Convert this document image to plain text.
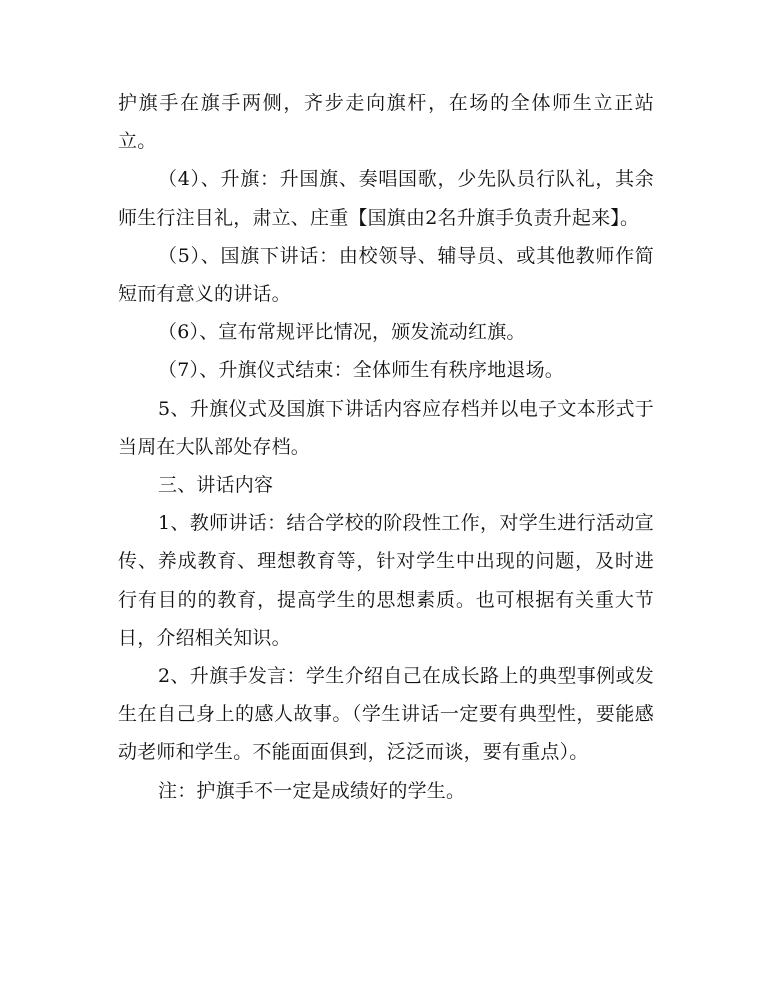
护旗手在旗手两侧，齐步走向旗杆，在场的全体师生立正站立。

（4）、升旗：升国旗、奏唱国歌，少先队员行队礼，其余师生行注目礼，肃立、庄重【国旗由2名升旗手负责升起来】。

（5）、国旗下讲话：由校领导、辅导员、或其他教师作简短而有意义的讲话。

（6）、宣布常规评比情况，颁发流动红旗。

（7）、升旗仪式结束：全体师生有秩序地退场。

5、升旗仪式及国旗下讲话内容应存档并以电子文本形式于当周在大队部处存档。

三、讲话内容

1、教师讲话：结合学校的阶段性工作，对学生进行活动宣传、养成教育、理想教育等，针对学生中出现的问题，及时进行有目的的教育，提高学生的思想素质。也可根据有关重大节日，介绍相关知识。

2、升旗手发言：学生介绍自己在成长路上的典型事例或发生在自己身上的感人故事。（学生讲话一定要有典型性，要能感动老师和学生。不能面面俱到，泛泛而谈，要有重点）。

注：护旗手不一定是成绩好的学生。
